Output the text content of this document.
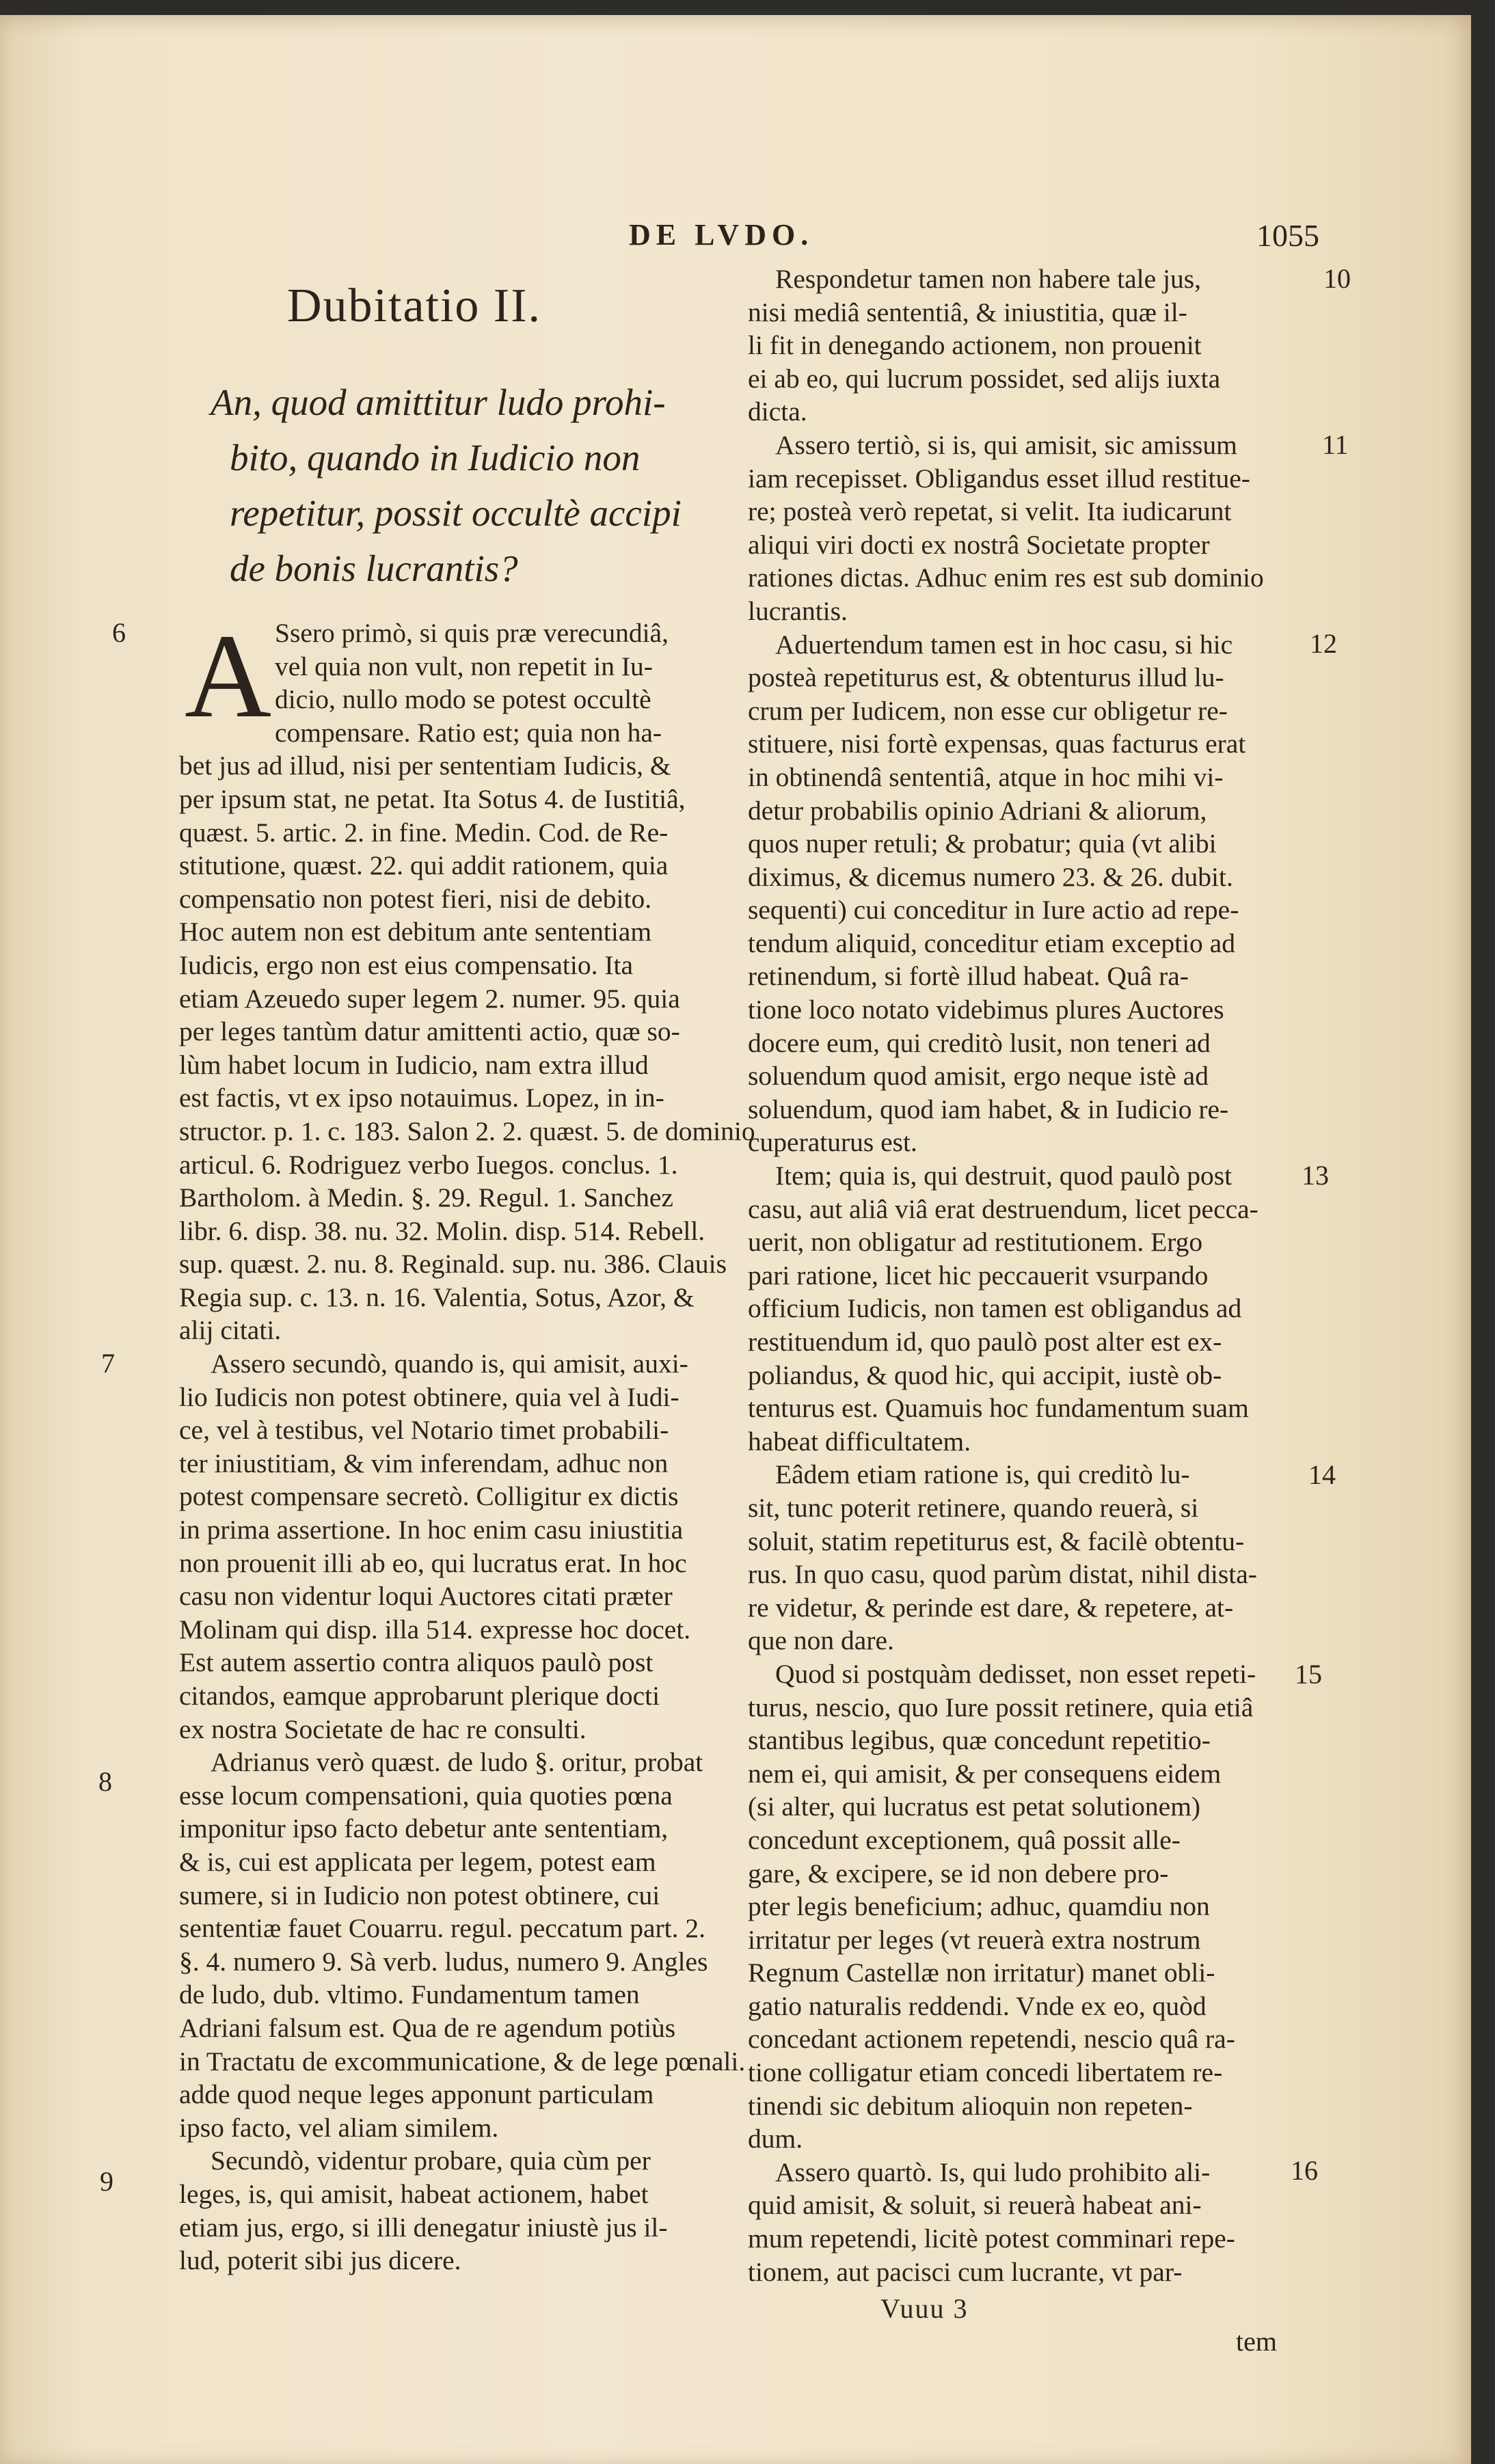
DE LVDO.	1055
Dubitatio II.
An, quod amittitur ludo prohi-
bito, quando in Iudicio non
repetitur, possit occultè accipi
de bonis lucrantis?
A
6
7
8
9
10
11
12
13
14
15
16
Ssero primò, si quis præ verecundiâ,
vel quia non vult, non repetit in Iu-
dicio, nullo modo se potest occultè
compensare. Ratio est; quia non ha-
bet jus ad illud, nisi per sententiam Iudicis, &
per ipsum stat, ne petat. Ita Sotus 4. de Iustitiâ,
quæst. 5. artic. 2. in fine. Medin. Cod. de Re-
stitutione, quæst. 22. qui addit rationem, quia
compensatio non potest fieri, nisi de debito.
Hoc autem non est debitum ante sententiam
Iudicis, ergo non est eius compensatio. Ita
etiam Azeuedo super legem 2. numer. 95. quia
per leges tantùm datur amittenti actio, quæ so-
lùm habet locum in Iudicio, nam extra illud
est factis, vt ex ipso notauimus. Lopez, in in-
structor. p. 1. c. 183. Salon 2. 2. quæst. 5. de dominio
articul. 6. Rodriguez verbo Iuegos. conclus. 1.
Bartholom. à Medin. §. 29. Regul. 1. Sanchez
libr. 6. disp. 38. nu. 32. Molin. disp. 514. Rebell.
sup. quæst. 2. nu. 8. Reginald. sup. nu. 386. Clauis
Regia sup. c. 13. n. 16. Valentia, Sotus, Azor, &
alij citati.
Assero secundò, quando is, qui amisit, auxi-
lio Iudicis non potest obtinere, quia vel à Iudi-
ce, vel à testibus, vel Notario timet probabili-
ter iniustitiam, & vim inferendam, adhuc non
potest compensare secretò. Colligitur ex dictis
in prima assertione. In hoc enim casu iniustitia
non prouenit illi ab eo, qui lucratus erat. In hoc
casu non videntur loqui Auctores citati præter
Molinam qui disp. illa 514. expresse hoc docet.
Est autem assertio contra aliquos paulò post
citandos, eamque approbarunt plerique docti
ex nostra Societate de hac re consulti.
Adrianus verò quæst. de ludo §. oritur, probat
esse locum compensationi, quia quoties pœna
imponitur ipso facto debetur ante sententiam,
& is, cui est applicata per legem, potest eam
sumere, si in Iudicio non potest obtinere, cui
sententiæ fauet Couarru. regul. peccatum part. 2.
§. 4. numero 9. Sà verb. ludus, numero 9. Angles
de ludo, dub. vltimo. Fundamentum tamen
Adriani falsum est. Qua de re agendum potiùs
in Tractatu de excommunicatione, & de lege pœnali.
adde quod neque leges apponunt particulam
ipso facto, vel aliam similem.
Secundò, videntur probare, quia cùm per
leges, is, qui amisit, habeat actionem, habet
etiam jus, ergo, si illi denegatur iniustè jus il-
lud, poterit sibi jus dicere.
Respondetur tamen non habere tale jus,
nisi mediâ sententiâ, & iniustitia, quæ il-
li fit in denegando actionem, non prouenit
ei ab eo, qui lucrum possidet, sed alijs iuxta
dicta.
Assero tertiò, si is, qui amisit, sic amissum
iam recepisset. Obligandus esset illud restitue-
re; posteà verò repetat, si velit. Ita iudicarunt
aliqui viri docti ex nostrâ Societate propter
rationes dictas. Adhuc enim res est sub dominio
lucrantis.
Aduertendum tamen est in hoc casu, si hic
posteà repetiturus est, & obtenturus illud lu-
crum per Iudicem, non esse cur obligetur re-
stituere, nisi fortè expensas, quas facturus erat
in obtinendâ sententiâ, atque in hoc mihi vi-
detur probabilis opinio Adriani & aliorum,
quos nuper retuli; & probatur; quia (vt alibi
diximus, & dicemus numero 23. & 26. dubit.
sequenti) cui conceditur in Iure actio ad repe-
tendum aliquid, conceditur etiam exceptio ad
retinendum, si fortè illud habeat. Quâ ra-
tione loco notato videbimus plures Auctores
docere eum, qui creditò lusit, non teneri ad
soluendum quod amisit, ergo neque istè ad
soluendum, quod iam habet, & in Iudicio re-
cuperaturus est.
Item; quia is, qui destruit, quod paulò post
casu, aut aliâ viâ erat destruendum, licet pecca-
uerit, non obligatur ad restitutionem. Ergo
pari ratione, licet hic peccauerit vsurpando
officium Iudicis, non tamen est obligandus ad
restituendum id, quo paulò post alter est ex-
poliandus, & quod hic, qui accipit, iustè ob-
tenturus est. Quamuis hoc fundamentum suam
habeat difficultatem.
Eâdem etiam ratione is, qui creditò lu-
sit, tunc poterit retinere, quando reuerà, si
soluit, statim repetiturus est, & facilè obtentu-
rus. In quo casu, quod parùm distat, nihil dista-
re videtur, & perinde est dare, & repetere, at-
que non dare.
Quod si postquàm dedisset, non esset repeti-
turus, nescio, quo Iure possit retinere, quia etiâ
stantibus legibus, quæ concedunt repetitio-
nem ei, qui amisit, & per consequens eidem
(si alter, qui lucratus est petat solutionem)
concedunt exceptionem, quâ possit alle-
gare, & excipere, se id non debere pro-
pter legis beneficium; adhuc, quamdiu non
irritatur per leges (vt reuerà extra nostrum
Regnum Castellæ non irritatur) manet obli-
gatio naturalis reddendi. Vnde ex eo, quòd
concedant actionem repetendi, nescio quâ ra-
tione colligatur etiam concedi libertatem re-
tinendi sic debitum alioquin non repeten-
dum.
Assero quartò. Is, qui ludo prohibito ali-
quid amisit, & soluit, si reuerà habeat ani-
mum repetendi, licitè potest comminari repe-
tionem, aut pacisci cum lucrante, vt par-
Vuuu 3
tem
